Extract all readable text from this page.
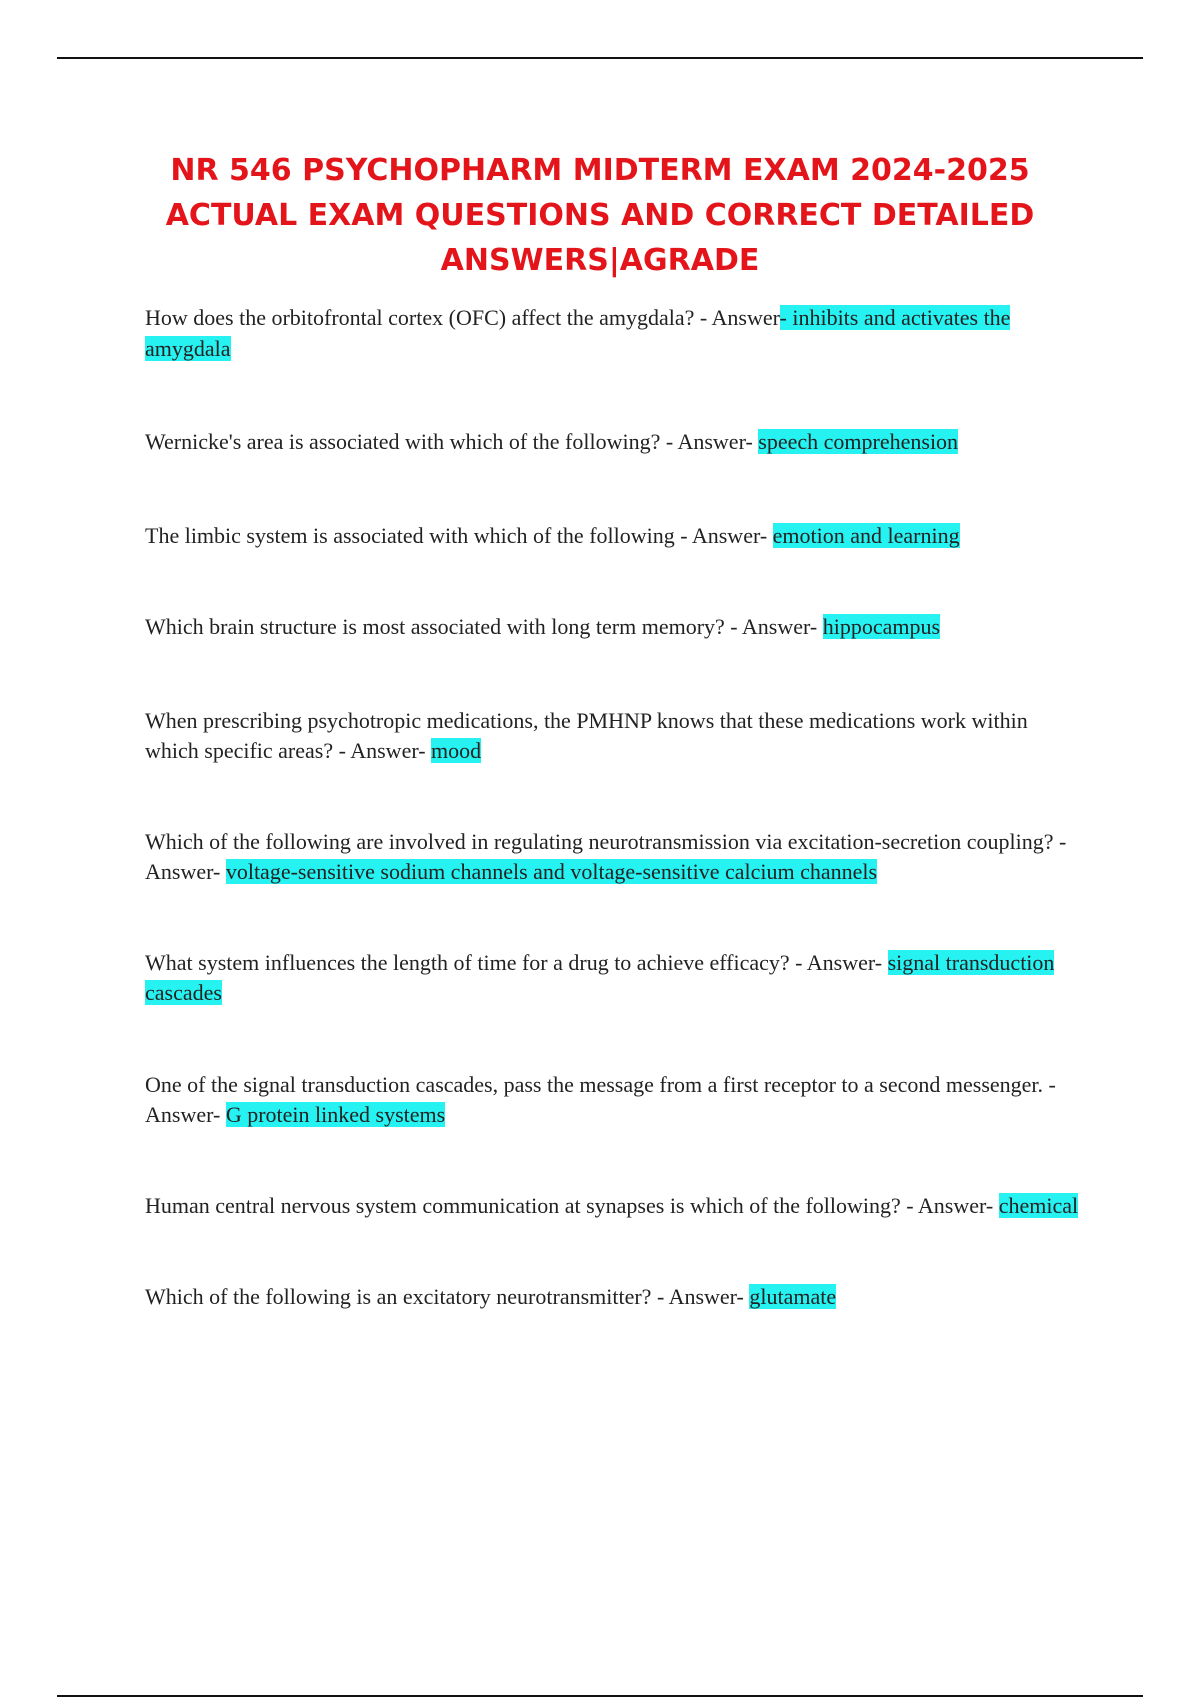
NR 546 PSYCHOPHARM MIDTERM EXAM 2024-2025 ACTUAL EXAM QUESTIONS AND CORRECT DETAILED ANSWERS|AGRADE
How does the orbitofrontal cortex (OFC) affect the amygdala? - Answer- inhibits and activates the amygdala
Wernicke's area is associated with which of the following? - Answer- speech comprehension
The limbic system is associated with which of the following - Answer- emotion and learning
Which brain structure is most associated with long term memory? - Answer- hippocampus
When prescribing psychotropic medications, the PMHNP knows that these medications work within which specific areas? - Answer- mood
Which of the following are involved in regulating neurotransmission via excitation-secretion coupling? - Answer- voltage-sensitive sodium channels and voltage-sensitive calcium channels
What system influences the length of time for a drug to achieve efficacy? - Answer- signal transduction cascades
One of the signal transduction cascades, pass the message from a first receptor to a second messenger. - Answer- G protein linked systems
Human central nervous system communication at synapses is which of the following? - Answer- chemical
Which of the following is an excitatory neurotransmitter? - Answer- glutamate
